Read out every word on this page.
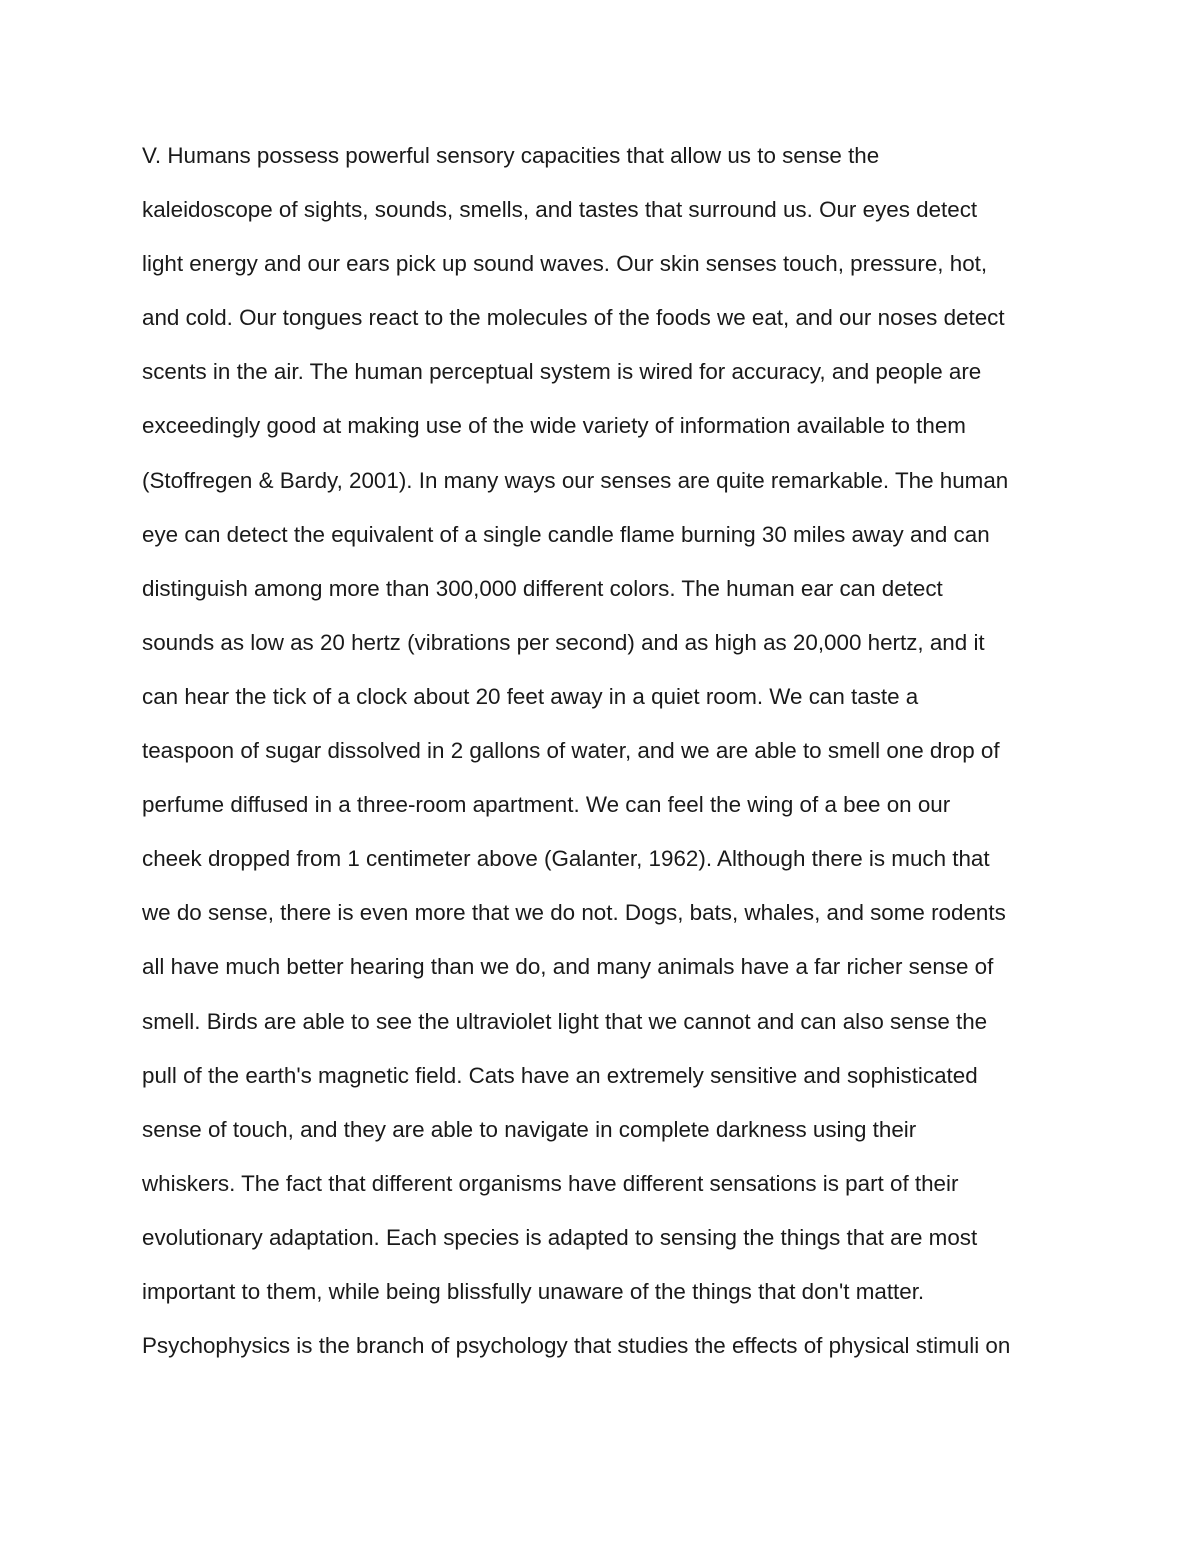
V. Humans possess powerful sensory capacities that allow us to sense the
kaleidoscope of sights, sounds, smells, and tastes that surround us. Our eyes detect
light energy and our ears pick up sound waves. Our skin senses touch, pressure, hot,
and cold. Our tongues react to the molecules of the foods we eat, and our noses detect
scents in the air. The human perceptual system is wired for accuracy, and people are
exceedingly good at making use of the wide variety of information available to them
(Stoffregen & Bardy, 2001). In many ways our senses are quite remarkable. The human
eye can detect the equivalent of a single candle flame burning 30 miles away and can
distinguish among more than 300,000 different colors. The human ear can detect
sounds as low as 20 hertz (vibrations per second) and as high as 20,000 hertz, and it
can hear the tick of a clock about 20 feet away in a quiet room. We can taste a
teaspoon of sugar dissolved in 2 gallons of water, and we are able to smell one drop of
perfume diffused in a three-room apartment. We can feel the wing of a bee on our
cheek dropped from 1 centimeter above (Galanter, 1962). Although there is much that
we do sense, there is even more that we do not. Dogs, bats, whales, and some rodents
all have much better hearing than we do, and many animals have a far richer sense of
smell. Birds are able to see the ultraviolet light that we cannot and can also sense the
pull of the earth's magnetic field. Cats have an extremely sensitive and sophisticated
sense of touch, and they are able to navigate in complete darkness using their
whiskers. The fact that different organisms have different sensations is part of their
evolutionary adaptation. Each species is adapted to sensing the things that are most
important to them, while being blissfully unaware of the things that don't matter.
Psychophysics is the branch of psychology that studies the effects of physical stimuli on
